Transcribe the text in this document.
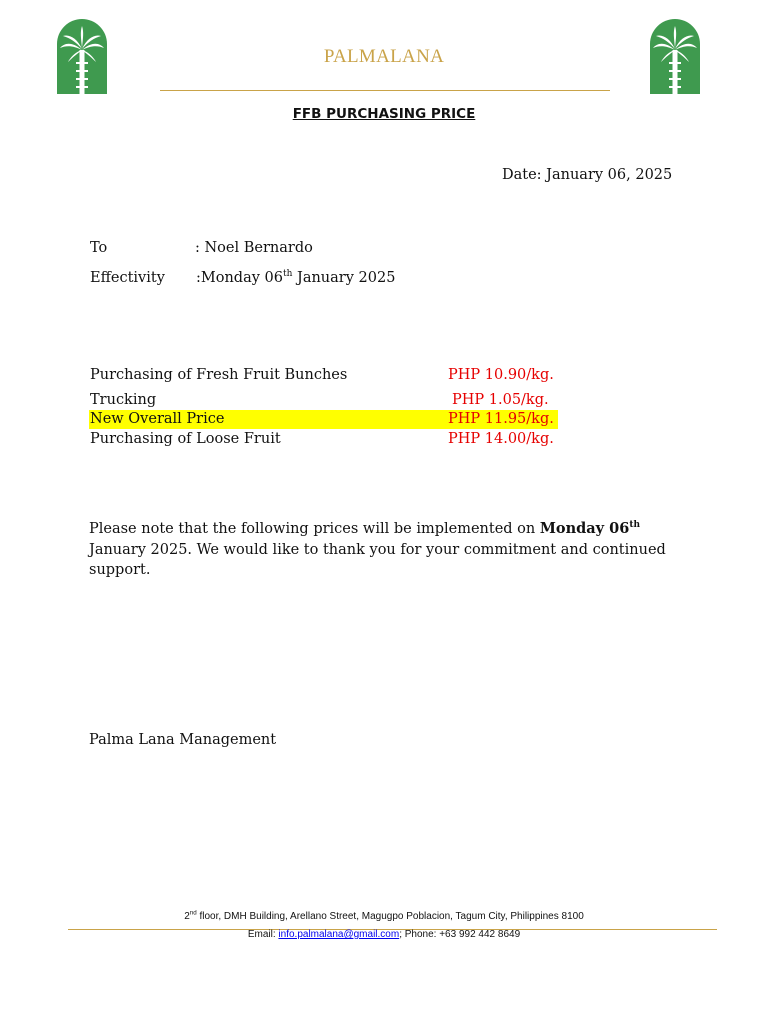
PALMALANA
FFB PURCHASING PRICE
Date: January 06, 2025
To	: Noel Bernardo
Effectivity :Monday 06th January 2025
Purchasing of Fresh Fruit Bunches	PHP 10.90/kg.
Trucking	PHP 1.05/kg.
New Overall Price	PHP 11.95/kg.
Purchasing of Loose Fruit	PHP 14.00/kg.
Please note that the following prices will be implemented on Monday 06th January 2025. We would like to thank you for your commitment and continued support.
Palma Lana Management
2nd floor, DMH Building, Arellano Street, Magugpo Poblacion, Tagum City, Philippines 8100
Email: info.palmalana@gmail.com; Phone: +63 992 442 8649
